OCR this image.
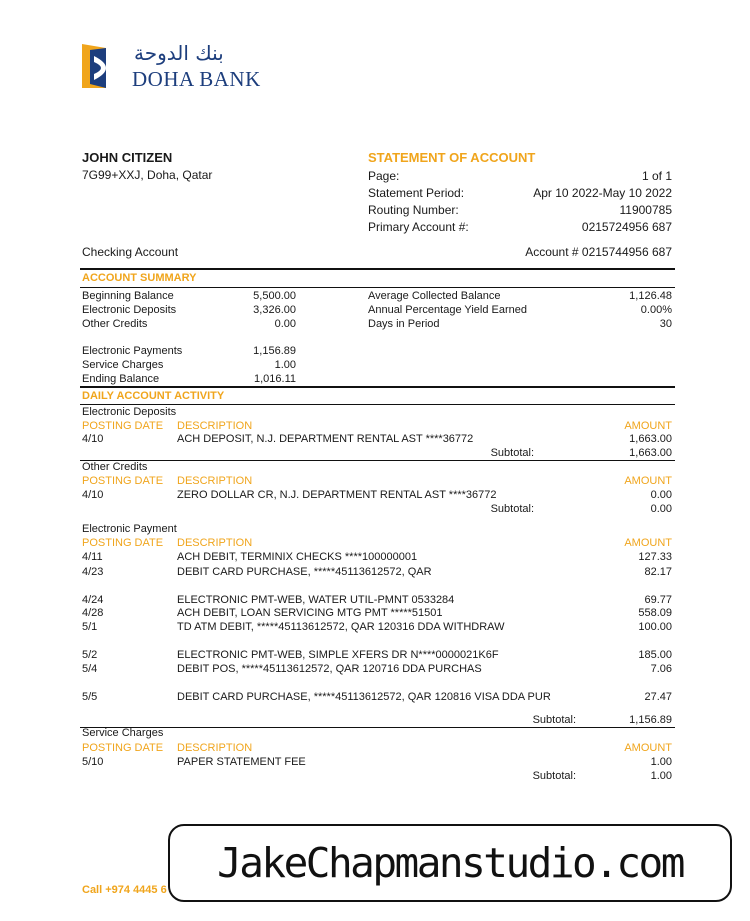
بنك الدوحة
DOHA BANK
JOHN CITIZEN
7G99+XXJ, Doha, Qatar
STATEMENT OF ACCOUNT
Page:	1 of 1
Statement Period:	Apr 10 2022-May 10 2022
Routing Number:	11900785
Primary Account #:	0215724956 687
Checking Account	Account # 0215744956 687
ACCOUNT SUMMARY
Beginning Balance	5,500.00
Electronic Deposits	3,326.00
Other Credits	0.00
Average Collected Balance	1,126.48
Annual Percentage Yield Earned	0.00%
Days in Period	30
Electronic Payments	1,156.89
Service Charges	1.00
Ending Balance	1,016.11
DAILY ACCOUNT ACTIVITY
Electronic Deposits
POSTING DATE DESCRIPTION	AMOUNT
4/10	ACH DEPOSIT, N.J. DEPARTMENT RENTAL AST ****36772	1,663.00
Subtotal:	1,663.00
Other Credits
POSTING DATE DESCRIPTION	AMOUNT
4/10	ZERO DOLLAR CR, N.J. DEPARTMENT RENTAL AST ****36772	0.00
Subtotal:	0.00
Electronic Payment
POSTING DATE DESCRIPTION	AMOUNT
4/11	ACH DEBIT, TERMINIX CHECKS ****100000001	127.33
4/23	DEBIT CARD PURCHASE, *****45113612572, QAR	82.17
4/24	ELECTRONIC PMT-WEB, WATER UTIL-PMNT 0533284	69.77
4/28	ACH DEBIT, LOAN SERVICING MTG PMT *****51501	558.09
5/1	TD ATM DEBIT, *****45113612572, QAR 120316 DDA WITHDRAW	100.00
5/2	ELECTRONIC PMT-WEB, SIMPLE XFERS DR N****0000021K6F	185.00
5/4	DEBIT POS, *****45113612572, QAR 120716 DDA PURCHAS	7.06
5/5	DEBIT CARD PURCHASE, *****45113612572, QAR 120816 VISA DDA PUR	27.47
Subtotal:	1,156.89
Service Charges
POSTING DATE DESCRIPTION	AMOUNT
5/10	PAPER STATEMENT FEE	1.00
Subtotal:	1.00
Call +974 4445 6
JakeChapmanstudio.com
